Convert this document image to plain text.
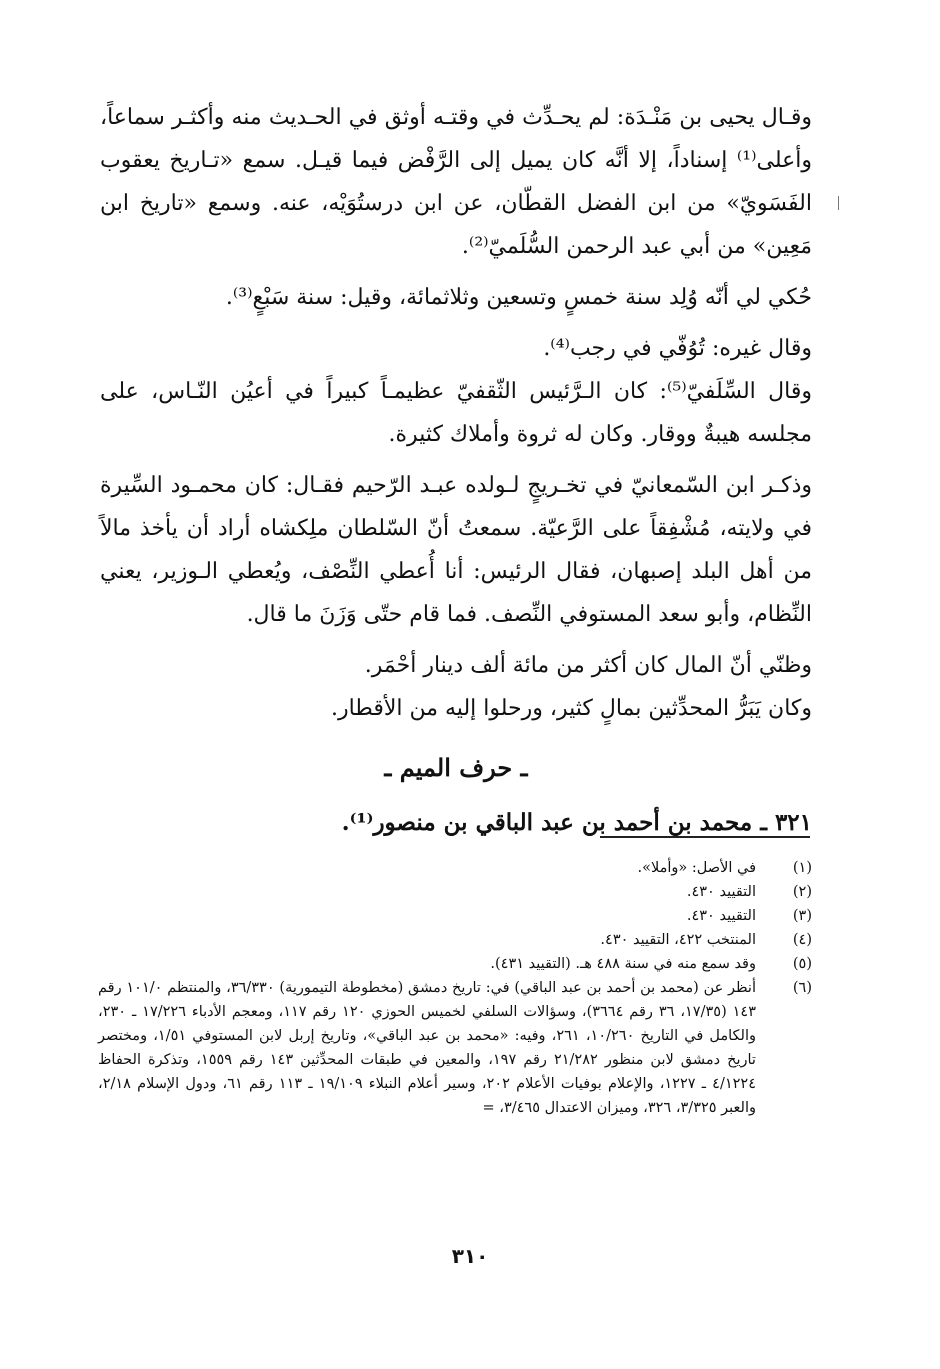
وقـال يحيى بن مَنْـدَة: لم يحـدِّث في وقتـه أوثق في الحـديث منه وأكثـر سماعاً، وأعلى⁽¹⁾ إسناداً، إلا أنَّه كان يميل إلى الرَّفْض فيما قيـل. سمع «تـاريخ يعقوب الفَسَويّ» من ابن الفضل القطّان، عن ابن درستُوَيْه، عنه. وسمع «تاريخ ابن مَعِين» من أبي عبد الرحمن السُّلَميّ⁽²⁾.

حُكي لي أنّه وُلِد سنة خمسٍ وتسعين وثلاثمائة، وقيل: سنة سَبْعٍ⁽³⁾.

وقال غيره: تُوُفّي في رجب⁽⁴⁾.

وقال السِّلَفيّ⁽⁵⁾: كان الـرَّئيس الثّقفيّ عظيمـاً كبيراً في أعيُن النّـاس، على مجلسه هيبةٌ ووقار. وكان له ثروة وأملاك كثيرة.

وذكـر ابن السّمعانيّ في تخـريجٍ لـولده عبـد الرّحيم فقـال: كان محمـود السِّيرة في ولايته، مُشْفِقاً على الرَّعيّة. سمعتُ أنّ السّلطان ملِكشاه أراد أن يأخذ مالاً من أهل البلد إصبهان، فقال الرئيس: أنا أُعطي النِّصْف، ويُعطي الـوزير، يعني النِّظام، وأبو سعد المستوفي النِّصف. فما قام حتّى وَزَنَ ما قال.

وظنّي أنّ المال كان أكثر من مائة ألف دينار أحْمَر.

وكان يَبَرُّ المحدِّثين بمالٍ كثير، ورحلوا إليه من الأقطار.

ـ حرف الميم ـ
٣٢١ ـ محمد بن أحمد بن عبد الباقي بن منصور⁽¹⁾.
(١)
في الأصل: «وأملا».
(٢)
التقييد ٤٣٠.
(٣)
التقييد ٤٣٠.
(٤)
المنتخب ٤٢٢، التقييد ٤٣٠.
(٥)
وقد سمع منه في سنة ٤٨٨ هـ. (التقييد ٤٣١).
(٦)
أنظر عن (محمد بن أحمد بن عبد الباقي) في: تاريخ دمشق (مخطوطة التيمورية) ٣٦/٣٣٠، والمنتظم ١٠١/٠ رقم ١٤٣ (١٧/٣٥، ٣٦ رقم ٣٦٦٤)، وسؤالات السلفي لخميس الحوزي ١٢٠ رقم ١١٧، ومعجم الأدباء ١٧/٢٢٦ ـ ٢٣٠، والكامل في التاريخ ١٠/٢٦٠، ٢٦١، وفيه: «محمد بن عبد الباقي»، وتاريخ إربل لابن المستوفي ١/٥١، ومختصر تاريخ دمشق لابن منظور ٢١/٢٨٢ رقم ١٩٧، والمعين في طبقات المحدِّثين ١٤٣ رقم ١٥٥٩، وتذكرة الحفاظ ٤/١٢٢٤ ـ ١٢٢٧، والإعلام بوفيات الأعلام ٢٠٢، وسير أعلام النبلاء ١٩/١٠٩ ـ ١١٣ رقم ٦١، ودول الإسلام ٢/١٨، والعبر ٣/٣٢٥، ٣٢٦، وميزان الاعتدال ٣/٤٦٥، =
٣١٠
